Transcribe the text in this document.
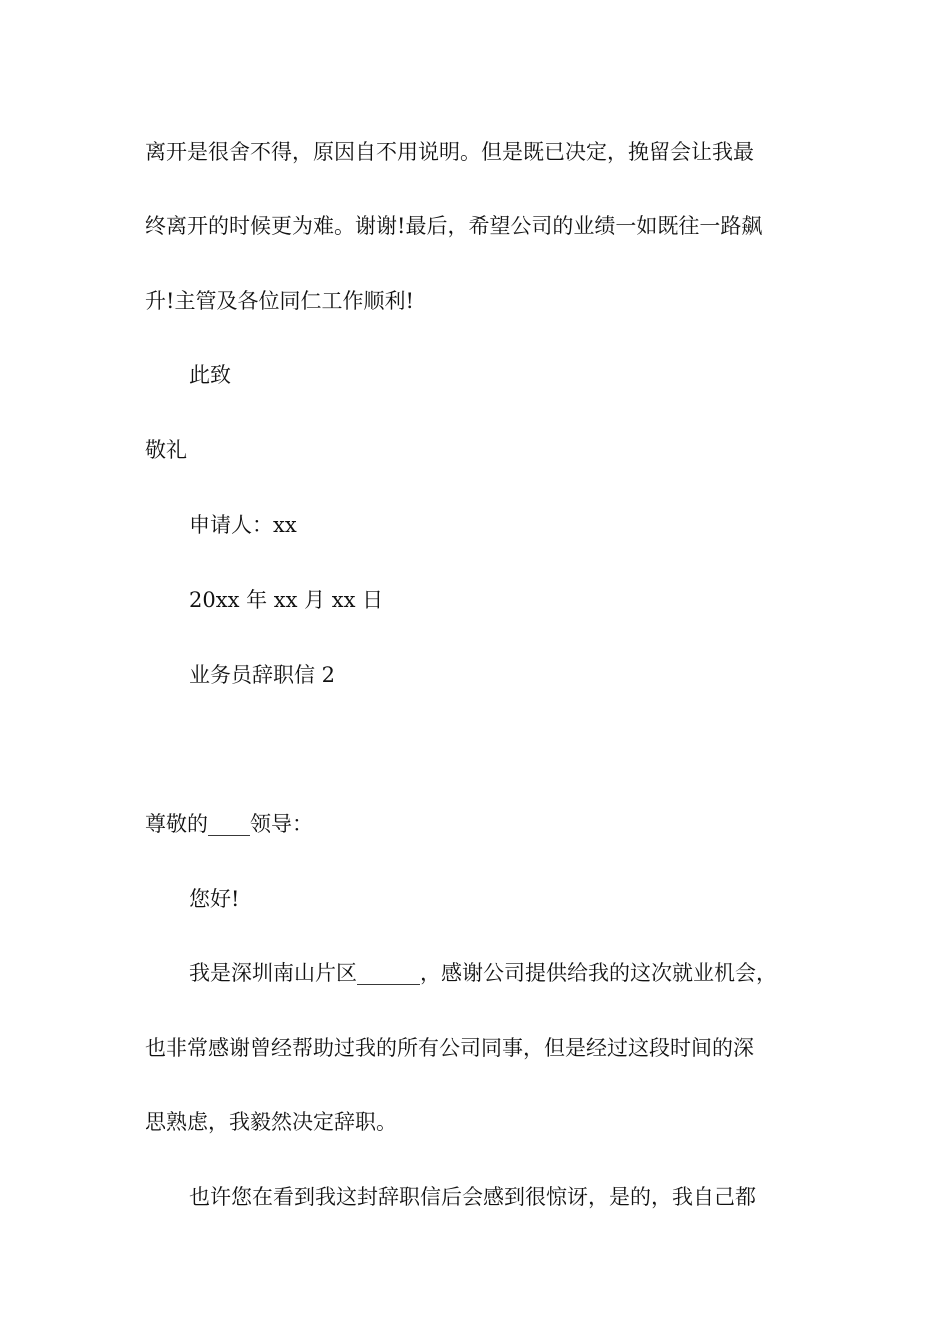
离开是很舍不得，原因自不用说明。但是既已决定，挽留会让我最
终离开的时候更为难。谢谢!最后，希望公司的业绩一如既往一路飙
升!主管及各位同仁工作顺利!
此致
敬礼
申请人：xx
20xx 年 xx 月 xx 日
业务员辞职信 2
尊敬的____领导：
您好!
我是深圳南山片区______，感谢公司提供给我的这次就业机会，
也非常感谢曾经帮助过我的所有公司同事，但是经过这段时间的深
思熟虑，我毅然决定辞职。
也许您在看到我这封辞职信后会感到很惊讶，是的，我自己都
